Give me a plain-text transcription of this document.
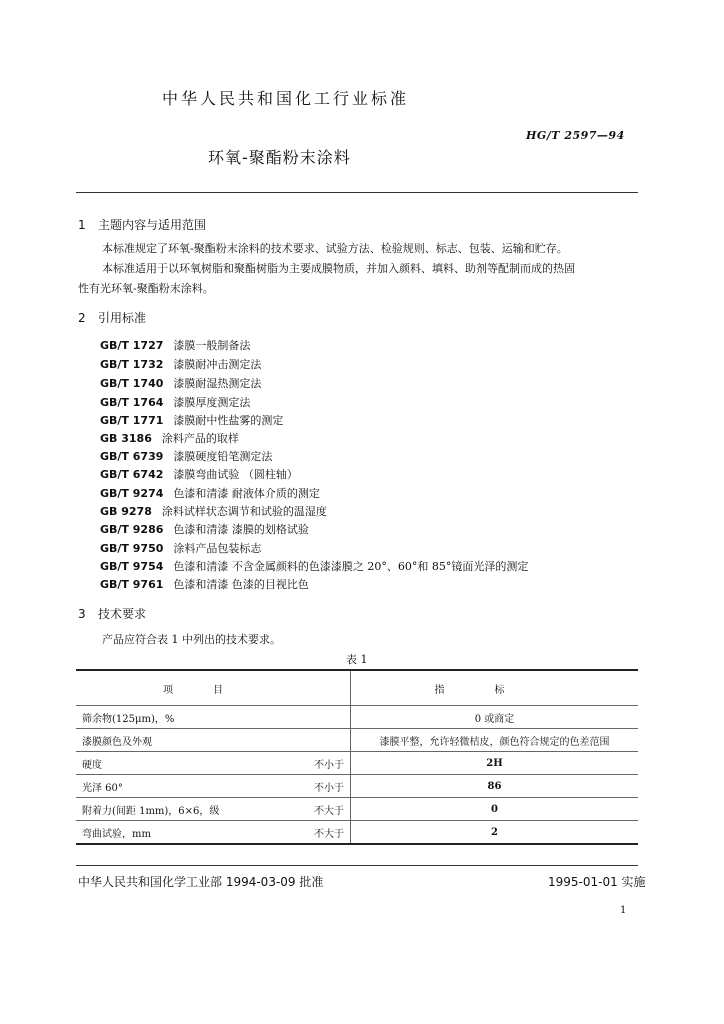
中华人民共和国化工行业标准
HG/T 2597—94
环氧-聚酯粉末涂料
1 主题内容与适用范围
本标准规定了环氧-聚酯粉末涂料的技术要求、试验方法、检验规则、标志、包装、运输和贮存。
本标准适用于以环氧树脂和聚酯树脂为主要成膜物质，并加入颜料、填料、助剂等配制而成的热固
性有光环氧-聚酯粉末涂料。
2 引用标准
GB/T 1727 漆膜一般制备法
GB/T 1732 漆膜耐冲击测定法
GB/T 1740 漆膜耐湿热测定法
GB/T 1764 漆膜厚度测定法
GB/T 1771 漆膜耐中性盐雾的测定
GB 3186 涂料产品的取样
GB/T 6739 漆膜硬度铅笔测定法
GB/T 6742 漆膜弯曲试验 （圆柱轴）
GB/T 9274 色漆和清漆 耐液体介质的测定
GB 9278 涂料试样状态调节和试验的温湿度
GB/T 9286 色漆和清漆 漆膜的划格试验
GB/T 9750 涂料产品包装标志
GB/T 9754 色漆和清漆 不含金属颜料的色漆漆膜之 20°、60°和 85°镜面光泽的测定
GB/T 9761 色漆和清漆 色漆的目视比色
3 技术要求
产品应符合表 1 中列出的技术要求。
表 1
项目	指标
筛余物(125μm)，%	0 或商定
漆膜颜色及外观	漆膜平整，允许轻微桔皮，颜色符合规定的色差范围
硬度 不小于	2H
光泽 60° 不小于	86
附着力(间距 1mm)，6×6，级 不大于	0
弯曲试验，mm 不大于	2
中华人民共和国化学工业部 1994-03-09 批准	1995-01-01 实施
1
